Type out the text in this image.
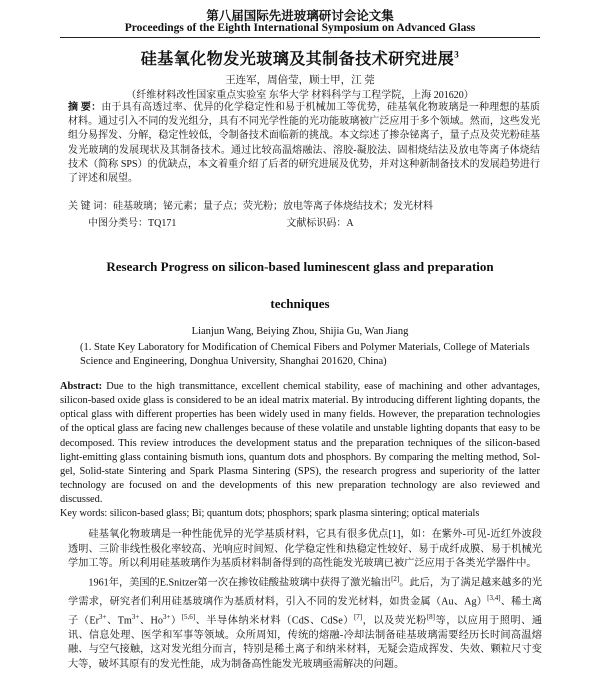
第八届国际先进玻璃研讨会论文集
Proceedings of the Eighth International Symposium on Advanced Glass
硅基氧化物发光玻璃及其制备技术研究进展$^3$
王连军，周倍莹，顾士甲，江 莞
（纤维材料改性国家重点实验室 东华大学 材料科学与工程学院，上海 201620）
摘 要：由于具有高透过率、优异的化学稳定性和易于机械加工等优势，硅基氧化物玻璃是一种理想的基质材料。通过引入不同的发光组分，具有不同光学性能的光功能玻璃被广泛应用于多个领域。然而，这些发光组分易挥发、分解，稳定性较低，令制备技术面临新的挑战。本文综述了掺杂铋离子，量子点及荧光粉硅基发光玻璃的发展现状及其制备技术。通过比较高温熔融法、溶胶-凝胶法、固相烧结法及放电等离子体烧结技术（简称 SPS）的优缺点，本文着重介绍了后者的研究进展及优势，并对这种新制备技术的发展趋势进行了评述和展望。
关 键 词：硅基玻璃；铋元素；量子点；荧光粉；放电等离子体烧结技术；发光材料
中图分类号：TQ171	文献标识码：A
Research Progress on silicon-based luminescent glass and preparation
techniques
Lianjun Wang, Beiying Zhou, Shijia Gu, Wan Jiang
(1. State Key Laboratory for Modification of Chemical Fibers and Polymer Materials, College of Materials Science and Engineering, Donghua University, Shanghai 201620, China)
Abstract: Due to the high transmittance, excellent chemical stability, ease of machining and other advantages, silicon-based oxide glass is considered to be an ideal matrix material. By introducing different lighting dopants, the optical glass with different properties has been widely used in many fields. However, the preparation technologies of the optical glass are facing new challenges because of these volatile and unstable lighting dopants that easy to be decomposed. This review introduces the development status and the preparation techniques of the silicon-based light-emitting glass containing bismuth ions, quantum dots and phosphors. By comparing the melting method, Sol-gel, Solid-state Sintering and Spark Plasma Sintering (SPS), the research progress and superiority of the latter technology are focused on and the developments of this new preparation technology are also reviewed and discussed.
Key words: silicon-based glass; Bi; quantum dots; phosphors; spark plasma sintering; optical materials

硅基氧化物玻璃是一种性能优异的光学基质材料，它具有很多优点[1]，如：在紫外-可见-近红外波段透明、三阶非线性极化率较高、光响应时间短、化学稳定性和热稳定性较好、易于成纤成膜、易于机械光学加工等。所以利用硅基玻璃作为基质材料制备得到的高性能发光玻璃已被广泛应用于各类光学器件中。

1961年，美国的E.Snitzer第一次在掺钕硅酸盐玻璃中获得了激光输出[2]。此后，为了满足越来越多的光学需求，研究者们利用硅基玻璃作为基质材料，引入不同的发光材料，如贵金属（Au、Ag）[3,4]、稀土离子（$Er^{3+}$、$Tm^{3+}$、$Ho^{3+})[5,6]$、半导体纳米材料（CdS、CdSe）[7]，以及荧光粉[8]等，以应用于照明、通讯、信息处理、医学和军事等领域。众所周知，传统的熔融-冷却法制备硅基玻璃需要经历长时间高温熔融、与空气接触，这对发光组分而言，特别是稀土离子和纳米材料，无疑会造成挥发、失效、颗粒尺寸变大等，破坏其原有的发光性能，成为制备高性能发光玻璃亟需解决的问题。
